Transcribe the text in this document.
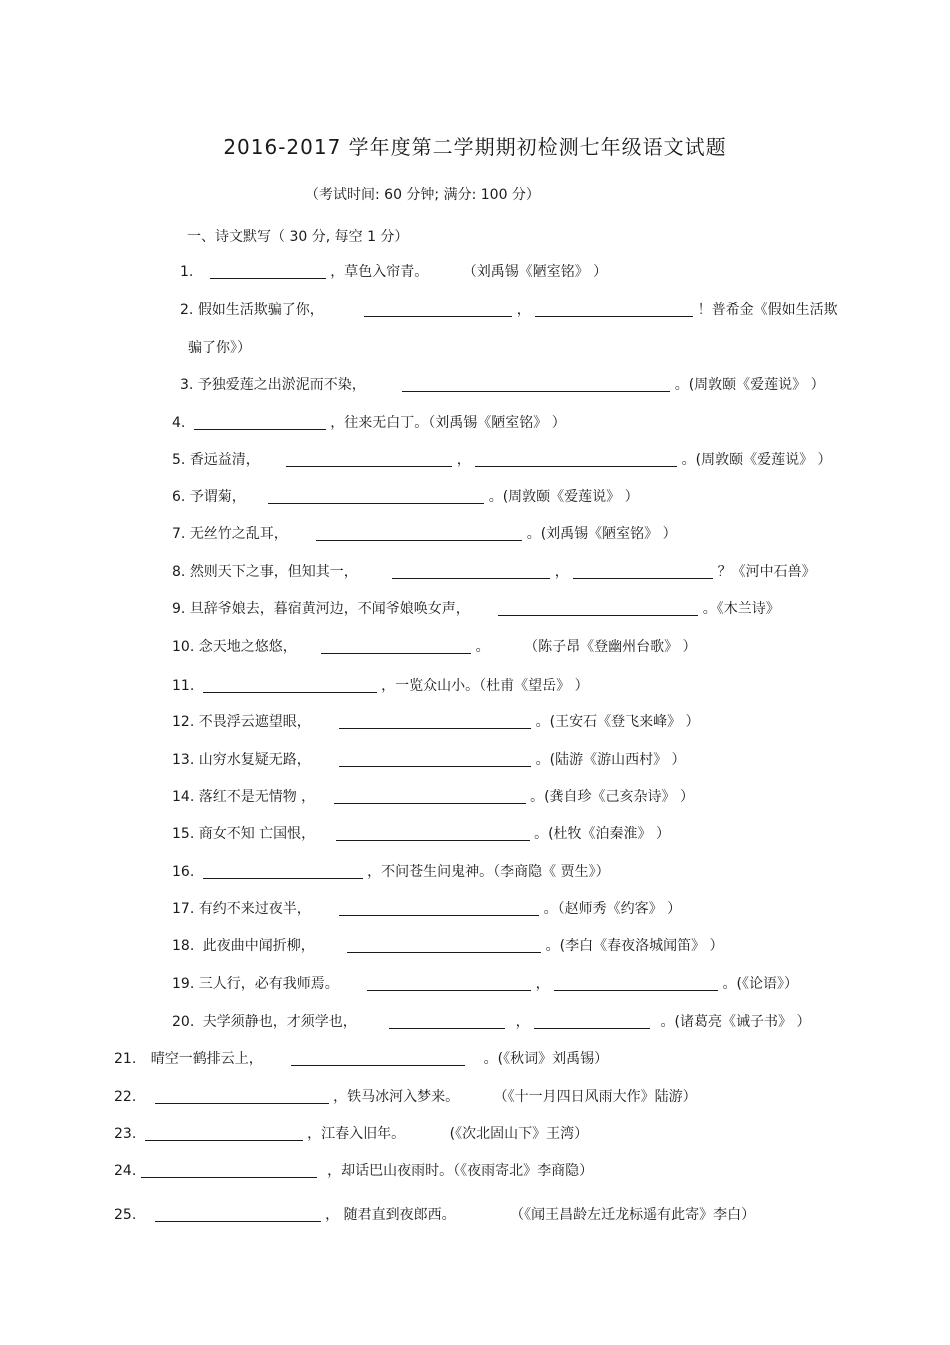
2016-2017 学年度第二学期期初检测七年级语文试题
（考试时间: 60 分钟; 满分: 100 分）
一、诗文默写（ 30 分, 每空 1 分）
1.	，草色入帘青。 （刘禹锡《陋室铭》 ）
2. 假如生活欺骗了你，	，	！普希金《假如生活欺
骗了你》）
3. 予独爱莲之出淤泥而不染，	。(周敦颐《爱莲说》 ）
4.	，往来无白丁。（刘禹锡《陋室铭》 ）
5. 香远益清，	，	。(周敦颐《爱莲说》 ）
6. 予谓菊，	。(周敦颐《爱莲说》 ）
7. 无丝竹之乱耳，	。(刘禹锡《陋室铭》 ）
8. 然则天下之事，但知其一，	，	？《河中石兽》
9. 旦辞爷娘去，暮宿黄河边，不闻爷娘唤女声，	。《木兰诗》
10. 念天地之悠悠，	。 （陈子昂《登幽州台歌》 ）
11.	，一览众山小。（杜甫《望岳》 ）
12. 不畏浮云遮望眼，	。(王安石《登飞来峰》 ）
13. 山穷水复疑无路，	。(陆游《游山西村》 ）
14. 落红不是无情物 ，	。(龚自珍《己亥杂诗》 ）
15. 商女不知 亡国恨，	。(杜牧《泊秦淮》 ）
16.	，不问苍生问鬼神。（李商隐《 贾生》）
17. 有约不来过夜半，	。（赵师秀《约客》 ）
18. 此夜曲中闻折柳，	。(李白《春夜洛城闻笛》 ）
19. 三人行，必有我师焉。	，	。(《论语》）
20. 夫学须静也，才须学也，	，	。(诸葛亮《诫子书》 ）
21. 晴空一鹤排云上，	。(《秋词》刘禹锡）
22.	，铁马冰河入梦来。 （《十一月四日风雨大作》陆游）
23.	，江春入旧年。	(《次北固山下》王湾）
24.	，却话巴山夜雨时。（《夜雨寄北》李商隐）
25.	， 随君直到夜郎西。	（《闻王昌龄左迁龙标遥有此寄》李白）
